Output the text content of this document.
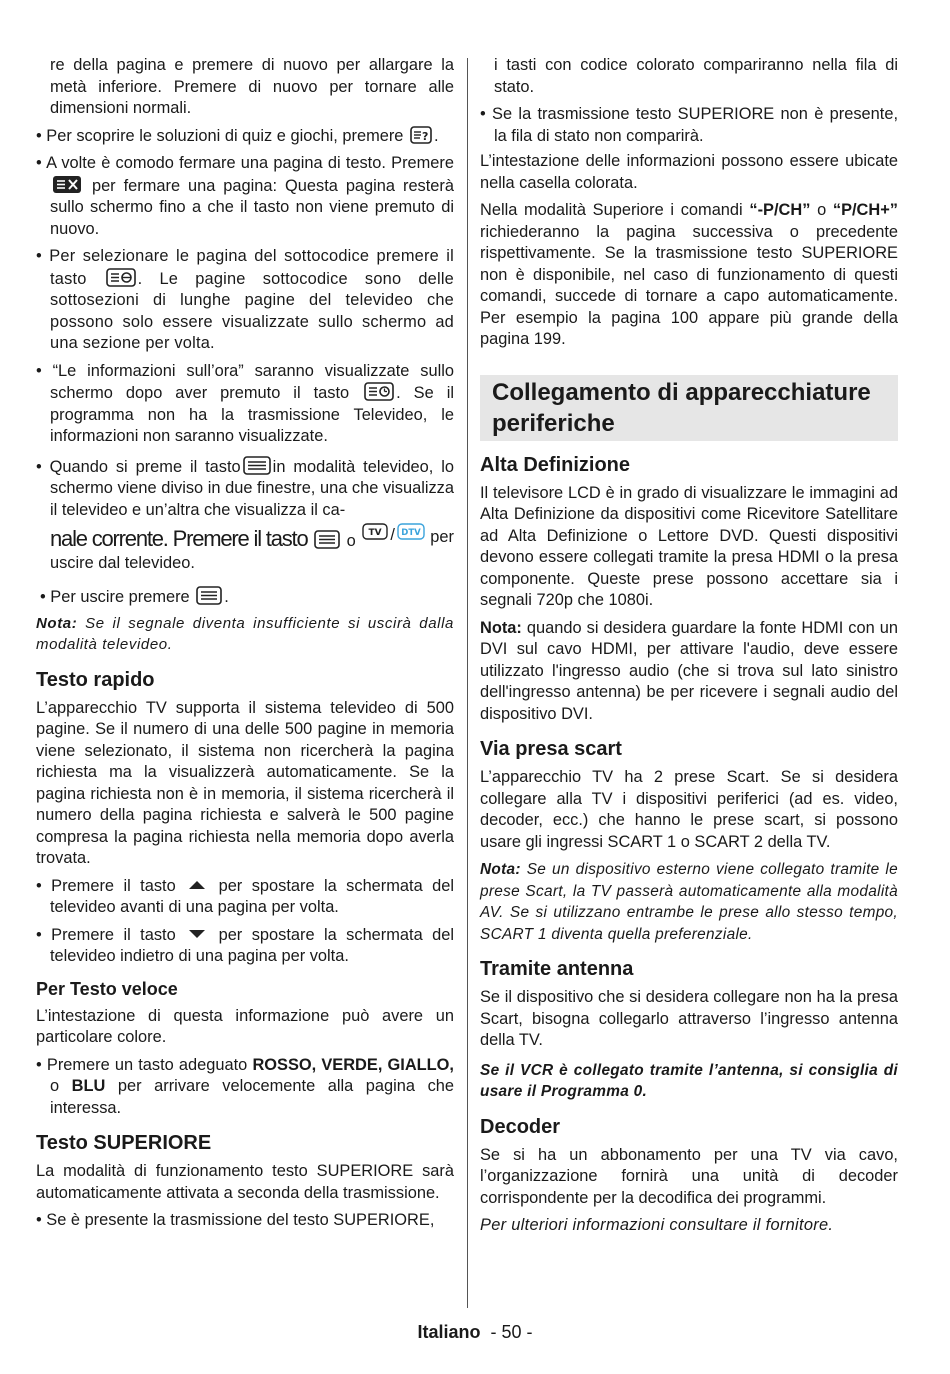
re della pagina e premere di nuovo per allargare la metà inferiore. Premere di nuovo per tornare alle dimensioni normali.

• Per scoprire le soluzioni di quiz e giochi, premere ? .

• A volte è comodo fermare una pagina di testo. Premere
per fermare una pagina: Questa pagina resterà sullo schermo fino a che il tasto non viene premuto di nuovo.

• Per selezionare le pagina del sottocodice premere il tasto	. Le pagine sottocodice sono delle sottosezioni di lunghe pagine del televideo che possono solo essere visualizzate sullo schermo ad una sezione per volta.

• “Le informazioni sull’ora” saranno visualizzate sullo schermo dopo aver premuto il tasto	. Se il programma non ha la trasmissione Televideo, le informazioni non saranno visualizzate.

• Quando si preme il tasto in modalità televideo, lo schermo viene diviso in due finestre, una che visualizza il televideo e un’altra che visualizza il ca-

nale corrente. Premere il tasto o TV / DTV per

uscire dal televideo.

• Per uscire premere .

Nota: Se il segnale diventa insufficiente si uscirà dalla modalità televideo.

Testo rapido

L’apparecchio TV supporta il sistema televideo di 500 pagine. Se il numero di una delle 500 pagine in memoria viene selezionato, il sistema non ricercherà la pagina richiesta ma la visualizzerà automaticamente. Se la pagina richiesta non è in memoria, il sistema ricercherà il numero della pagina richiesta e salverà le 500 pagine compresa la pagina richiesta nella memoria dopo averla trovata.

• Premere il tasto	per spostare la schermata del televideo avanti di una pagina per volta.

• Premere il tasto	per spostare la schermata del televideo indietro di una pagina per volta.

Per Testo veloce

L’intestazione di questa informazione può avere un particolare colore.

• Premere un tasto adeguato ROSSO, VERDE, GIALLO, o BLU per arrivare velocemente alla pagina che interessa.

Testo SUPERIORE

La modalità di funzionamento testo SUPERIORE sarà automaticamente attivata a seconda della trasmissione.

• Se è presente la trasmissione del testo SUPERIORE,

i tasti con codice colorato compariranno nella fila di stato.

• Se la trasmissione testo SUPERIORE non è presente, la fila di stato non comparirà.

L’intestazione delle informazioni possono essere ubicate nella casella colorata.

Nella modalità Superiore i comandi “-P/CH” o “P/CH+” richiederanno la pagina successiva o precedente rispettivamente. Se la trasmissione testo SUPERIORE non è disponibile, nel caso di funzionamento di questi comandi, succede di tornare a capo automaticamente. Per esempio la pagina 100 appare più grande della pagina 199.

Collegamento di apparecchiature periferiche
Alta Definizione

Il televisore LCD è in grado di visualizzare le immagini ad Alta Definizione da dispositivi come Ricevitore Satellitare ad Alta Definizione o Lettore DVD. Questi dispositivi devono essere collegati tramite la presa HDMI o la presa componente. Queste prese possono accettare sia i segnali 720p che 1080i.

Nota: quando si desidera guardare la fonte HDMI con un DVI sul cavo HDMI, per attivare l'audio, deve essere utilizzato l'ingresso audio (che si trova sul lato sinistro dell'ingresso antenna) be per ricevere i segnali audio del dispositivo DVI.

Via presa scart

L’apparecchio TV ha 2 prese Scart. Se si desidera collegare alla TV i dispositivi periferici (ad es. video, decoder, ecc.) che hanno le prese scart, si possono usare gli ingressi SCART 1 o SCART 2 della TV.

Nota: Se un dispositivo esterno viene collegato tramite le prese Scart, la TV passerà automaticamente alla modalità AV. Se si utilizzano entrambe le prese allo stesso tempo, SCART 1 diventa quella preferenziale.

Tramite antenna

Se il dispositivo che si desidera collegare non ha la presa Scart, bisogna collegarlo attraverso l’ingresso antenna della TV.

Se il VCR è collegato tramite l’antenna, si consiglia di usare il Programma 0.

Decoder

Se si ha un abbonamento per una TV via cavo, l’organizzazione fornirà una unità di decoder corrispondente per la decodifica dei programmi.

Per ulteriori informazioni consultare il fornitore.

Italiano - 50 -
